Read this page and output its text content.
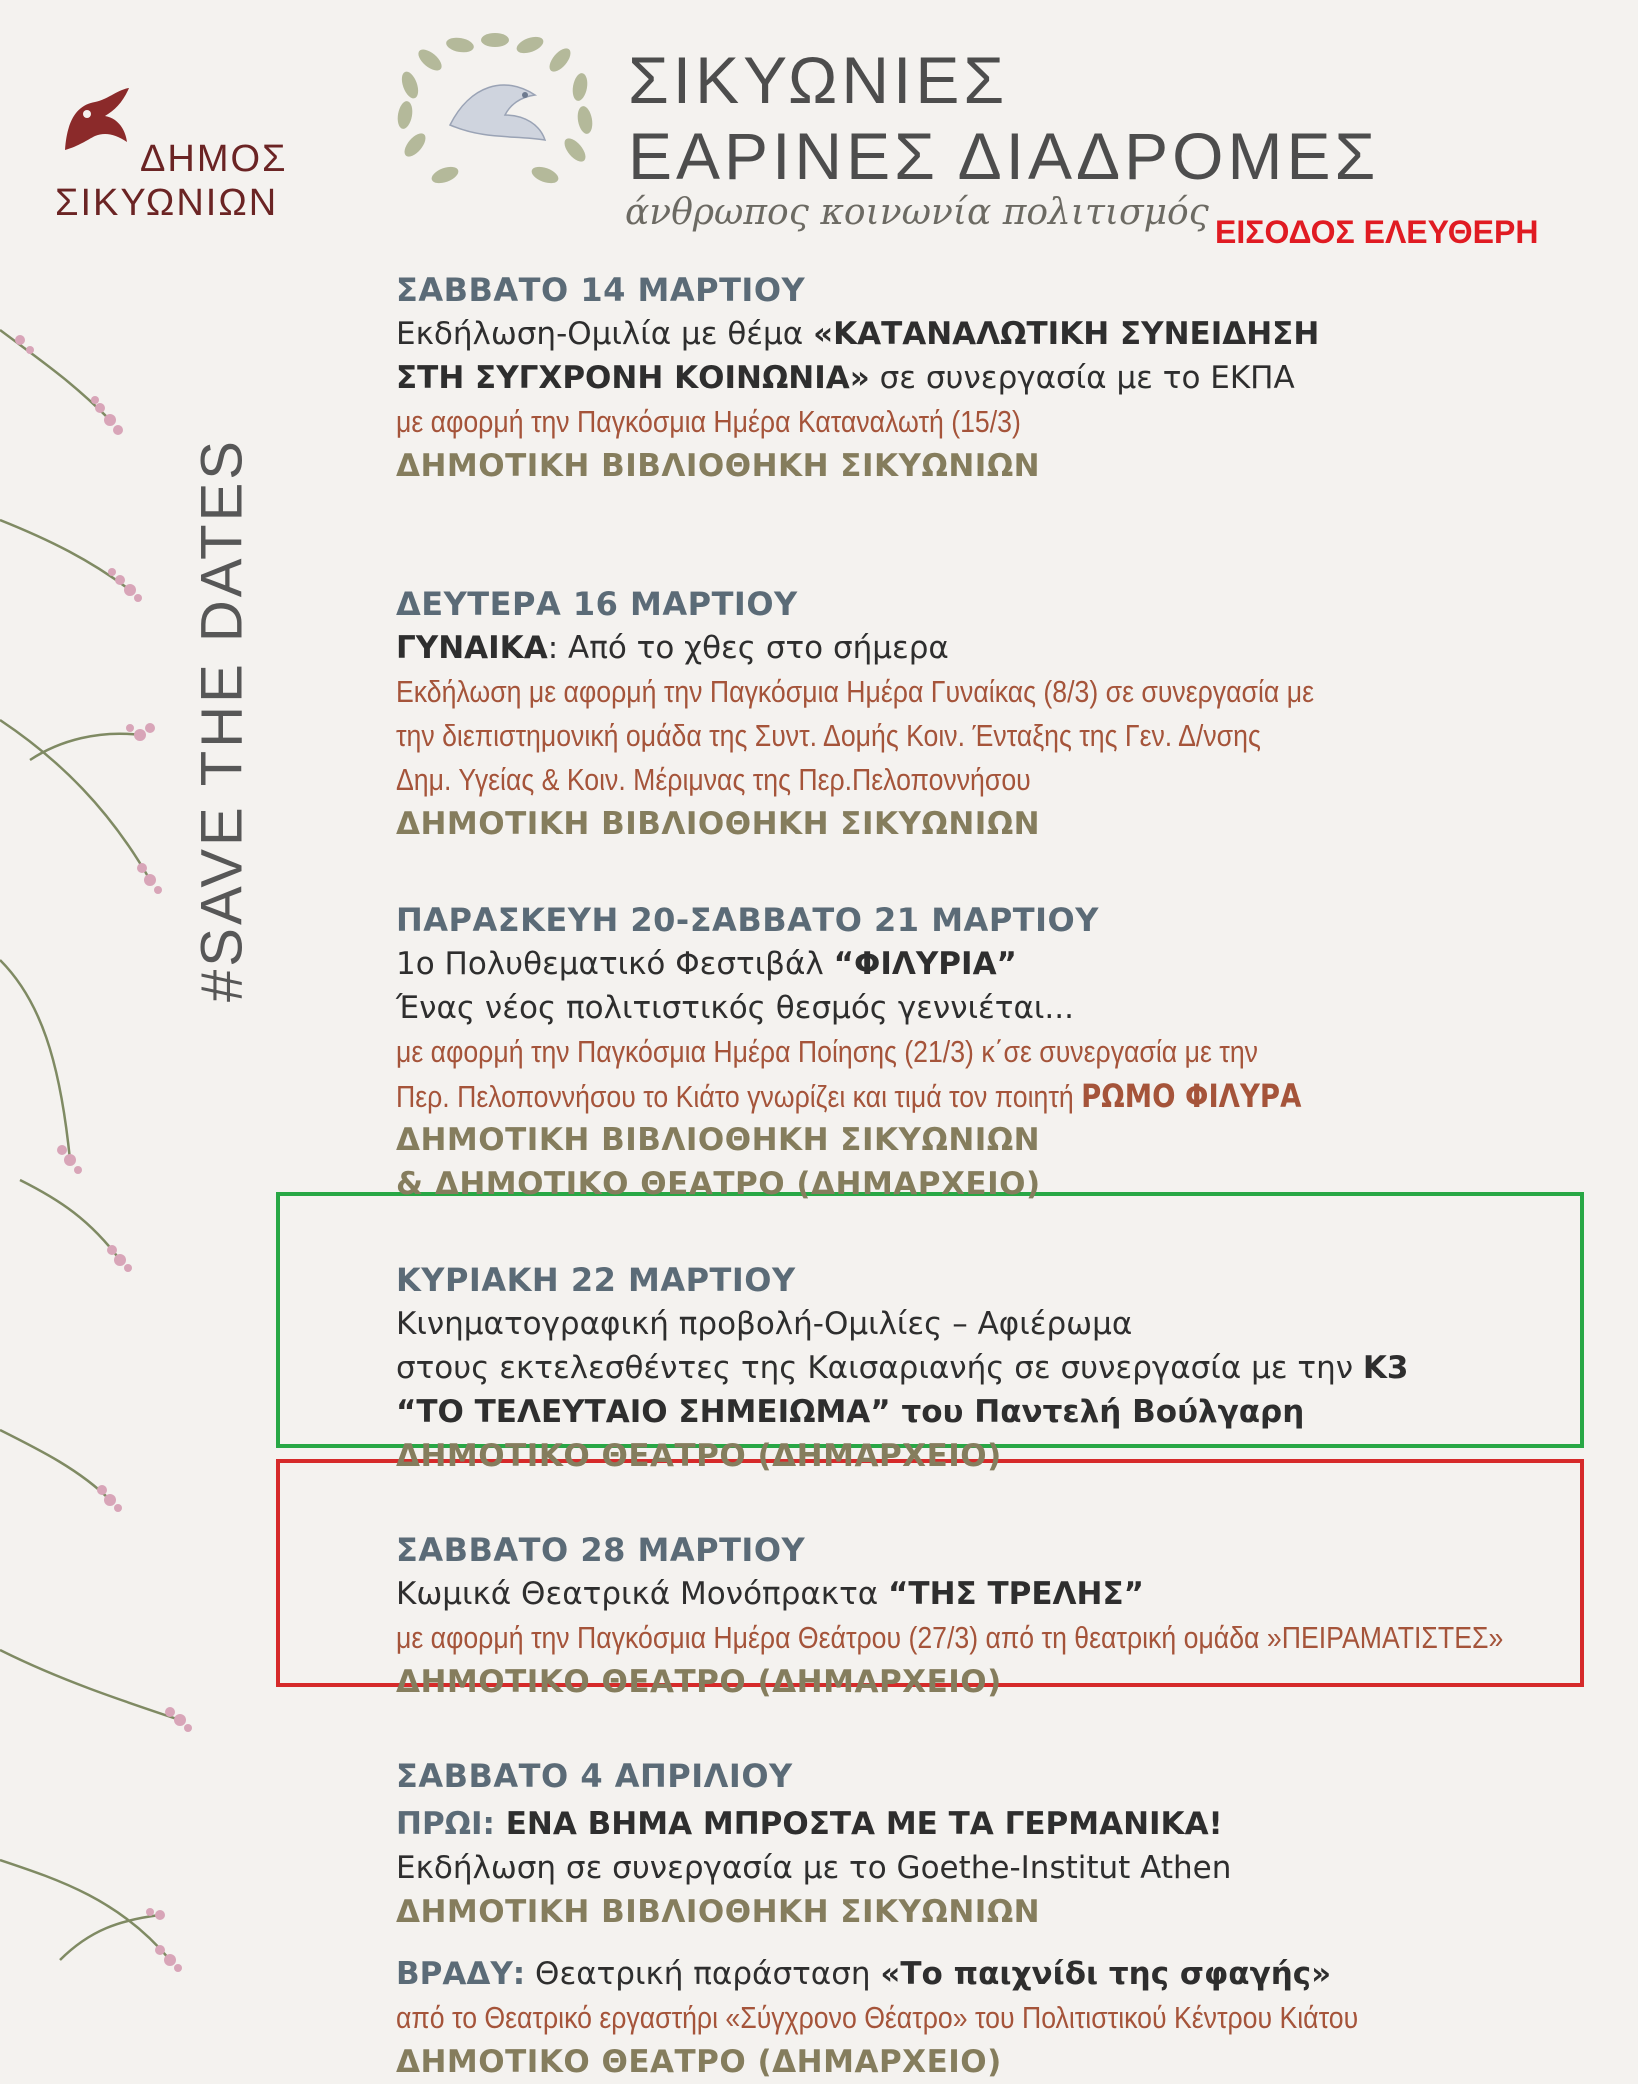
ΔΗΜΟΣ
ΣΙΚΥΩΝΙΩΝ
ΣΙΚΥΩΝΙΕΣ
ΕΑΡΙΝΕΣ ΔΙΑΔΡΟΜΕΣ
άνθρωπος κοινωνία πολιτισμός ΕΙΣΟΔΟΣ ΕΛΕΥΘΕΡΗ
#SAVE THE DATES
ΣΑΒΒΑΤΟ 14 ΜΑΡΤΙΟΥ
Εκδήλωση-Ομιλία με θέμα «ΚΑΤΑΝΑΛΩΤΙΚΗ ΣΥΝΕΙΔΗΣΗ
ΣΤΗ ΣΥΓΧΡΟΝΗ ΚΟΙΝΩΝΙΑ» σε συνεργασία με το ΕΚΠΑ
με αφορμή την Παγκόσμια Ημέρα Καταναλωτή (15/3)
ΔΗΜΟΤΙΚΗ ΒΙΒΛΙΟΘΗΚΗ ΣΙΚΥΩΝΙΩΝ
ΔΕΥΤΕΡΑ 16 ΜΑΡΤΙΟΥ
ΓΥΝΑΙΚΑ: Από το χθες στο σήμερα
Εκδήλωση με αφορμή την Παγκόσμια Ημέρα Γυναίκας (8/3) σε συνεργασία με
την διεπιστημονική ομάδα της Συντ. Δομής Κοιν. Ένταξης της Γεν. Δ/νσης
Δημ. Υγείας & Κοιν. Μέριμνας της Περ.Πελοποννήσου
ΔΗΜΟΤΙΚΗ ΒΙΒΛΙΟΘΗΚΗ ΣΙΚΥΩΝΙΩΝ
ΠΑΡΑΣΚΕΥΗ 20-ΣΑΒΒΑΤΟ 21 ΜΑΡΤΙΟΥ
1ο Πολυθεματικό Φεστιβάλ “ΦΙΛΥΡΙΑ”
Ένας νέος πολιτιστικός θεσμός γεννιέται...
με αφορμή την Παγκόσμια Ημέρα Ποίησης (21/3) κ΄σε συνεργασία με την
Περ. Πελοποννήσου το Κιάτο γνωρίζει και τιμά τον ποιητή ΡΩΜΟ ΦΙΛΥΡΑ
ΔΗΜΟΤΙΚΗ ΒΙΒΛΙΟΘΗΚΗ ΣΙΚΥΩΝΙΩΝ
& ΔΗΜΟΤΙΚΟ ΘΕΑΤΡΟ (ΔΗΜΑΡΧΕΙΟ)
ΚΥΡΙΑΚΗ 22 ΜΑΡΤΙΟΥ
Κινηματογραφική προβολή-Ομιλίες – Αφιέρωμα
στους εκτελεσθέντες της Καισαριανής σε συνεργασία με την Κ3
“ΤΟ ΤΕΛΕΥΤΑΙΟ ΣΗΜΕΙΩΜΑ” του Παντελή Βούλγαρη
ΔΗΜΟΤΙΚΟ ΘΕΑΤΡΟ (ΔΗΜΑΡΧΕΙΟ)
ΣΑΒΒΑΤΟ 28 ΜΑΡΤΙΟΥ
Κωμικά Θεατρικά Μονόπρακτα “ΤΗΣ ΤΡΕΛΗΣ”
με αφορμή την Παγκόσμια Ημέρα Θεάτρου (27/3) από τη θεατρική ομάδα »ΠΕΙΡΑΜΑΤΙΣΤΕΣ»
ΔΗΜΟΤΙΚΟ ΘΕΑΤΡΟ (ΔΗΜΑΡΧΕΙΟ)
ΣΑΒΒΑΤΟ 4 ΑΠΡΙΛΙΟΥ
ΠΡΩΙ: ΕΝΑ ΒΗΜΑ ΜΠΡΟΣΤΑ ΜΕ ΤΑ ΓΕΡΜΑΝΙΚΑ!
Εκδήλωση σε συνεργασία με το Goethe-Institut Athen
ΔΗΜΟΤΙΚΗ ΒΙΒΛΙΟΘΗΚΗ ΣΙΚΥΩΝΙΩΝ
ΒΡΑΔΥ: Θεατρική παράσταση «Το παιχνίδι της σφαγής»
από το Θεατρικό εργαστήρι «Σύγχρονο Θέατρο» του Πολιτιστικού Κέντρου Κιάτου
ΔΗΜΟΤΙΚΟ ΘΕΑΤΡΟ (ΔΗΜΑΡΧΕΙΟ)
